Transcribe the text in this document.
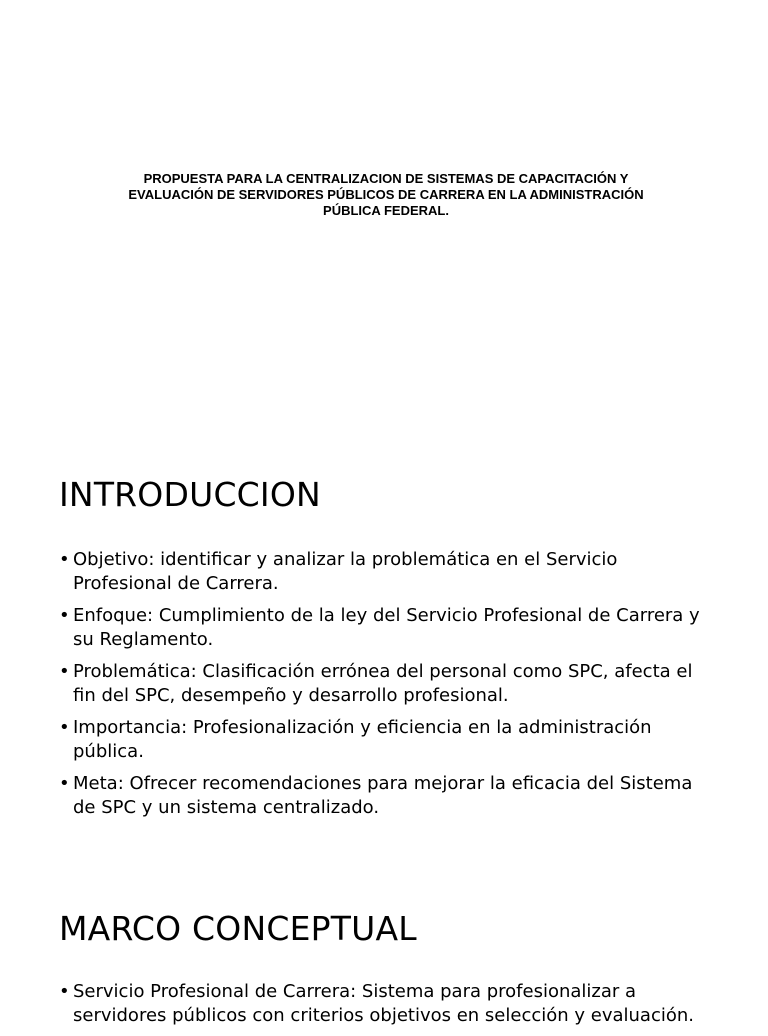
PROPUESTA PARA LA CENTRALIZACION DE SISTEMAS DE CAPACITACIÓN Y EVALUACIÓN DE SERVIDORES PÚBLICOS DE CARRERA EN LA ADMINISTRACIÓN PÚBLICA FEDERAL.

INTRODUCCION
• Objetivo: identificar y analizar la problemática en el Servicio Profesional de Carrera.
• Enfoque: Cumplimiento de la ley del Servicio Profesional de Carrera y su Reglamento.
• Problemática: Clasificación errónea del personal como SPC, afecta el fin del SPC, desempeño y desarrollo profesional.
• Importancia: Profesionalización y eficiencia en la administración pública.
• Meta: Ofrecer recomendaciones para mejorar la eficacia del Sistema de SPC y un sistema centralizado.
MARCO CONCEPTUAL
• Servicio Profesional de Carrera: Sistema para profesionalizar a servidores públicos con criterios objetivos en selección y evaluación.
